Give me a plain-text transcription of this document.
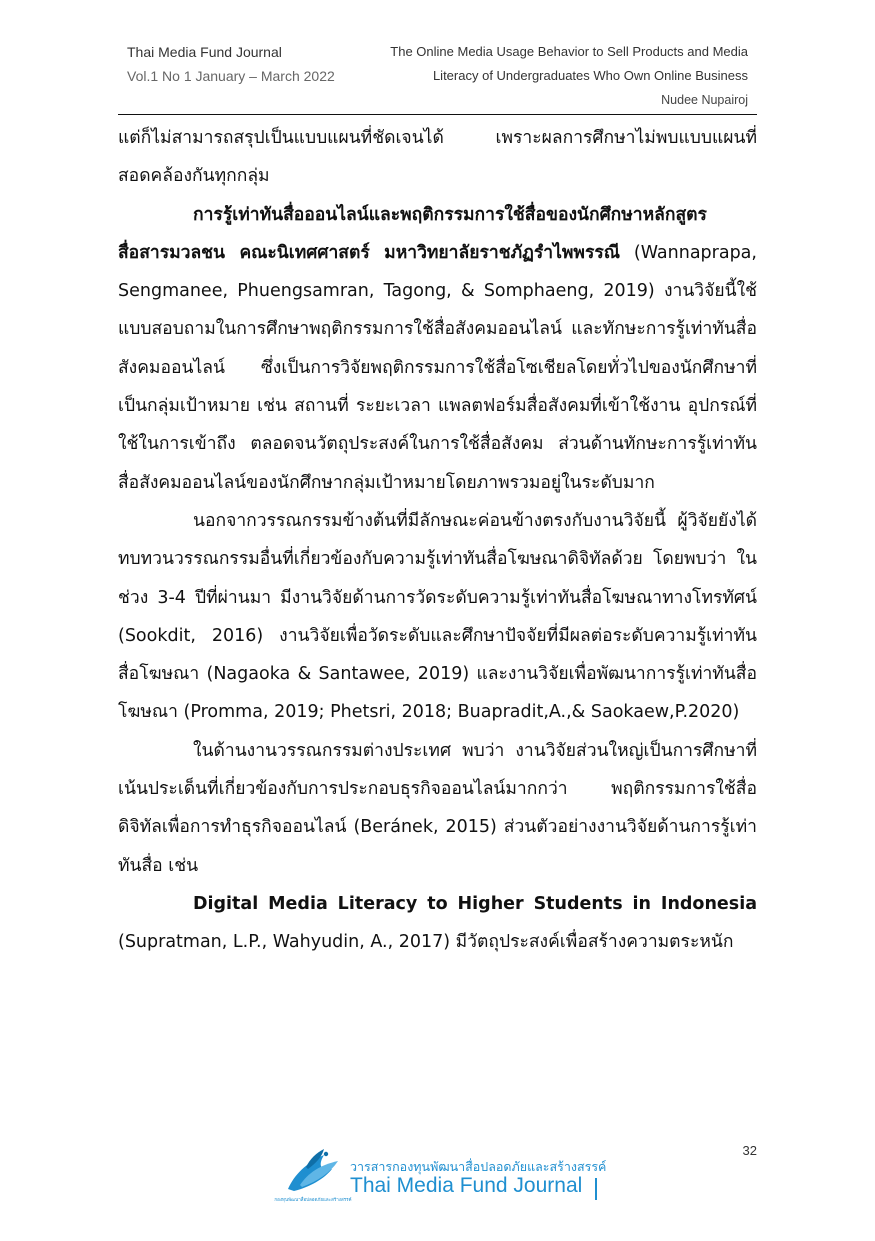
Thai Media Fund Journal
Vol.1 No 1 January – March 2022
The Online Media Usage Behavior to Sell Products and Media
Literacy of Undergraduates Who Own Online Business
Nudee Nupairoj

แต่ก็ไม่สามารถสรุปเป็นแบบแผนที่ชัดเจนได้ เพราะผลการศึกษาไม่พบแบบแผนที่สอดคล้องกันทุกกลุ่ม

การรู้เท่าทันสื่อออนไลน์และพฤติกรรมการใช้สื่อของนักศึกษาหลักสูตรสื่อสารมวลชน คณะนิเทศศาสตร์ มหาวิทยาลัยราชภัฏรำไพพรรณี (Wannaprapa, Sengmanee, Phuengsamran, Tagong, & Somphaeng, 2019) งานวิจัยนี้ใช้แบบสอบถามในการศึกษาพฤติกรรมการใช้สื่อสังคมออนไลน์ และทักษะการรู้เท่าทันสื่อสังคมออนไลน์ ซึ่งเป็นการวิจัยพฤติกรรมการใช้สื่อโซเชียลโดยทั่วไปของนักศึกษาที่เป็นกลุ่มเป้าหมาย เช่น สถานที่ ระยะเวลา แพลตฟอร์มสื่อสังคมที่เข้าใช้งาน อุปกรณ์ที่ใช้ในการเข้าถึง ตลอดจนวัตถุประสงค์ในการใช้สื่อสังคม ส่วนด้านทักษะการรู้เท่าทันสื่อสังคมออนไลน์ของนักศึกษากลุ่มเป้าหมายโดยภาพรวมอยู่ในระดับมาก

นอกจากวรรณกรรมข้างต้นที่มีลักษณะค่อนข้างตรงกับงานวิจัยนี้ ผู้วิจัยยังได้ทบทวนวรรณกรรมอื่นที่เกี่ยวข้องกับความรู้เท่าทันสื่อโฆษณาดิจิทัลด้วย โดยพบว่า ในช่วง 3-4 ปีที่ผ่านมา มีงานวิจัยด้านการวัดระดับความรู้เท่าทันสื่อโฆษณาทางโทรทัศน์ (Sookdit, 2016) งานวิจัยเพื่อวัดระดับและศึกษาปัจจัยที่มีผลต่อระดับความรู้เท่าทันสื่อโฆษณา (Nagaoka & Santawee, 2019) และงานวิจัยเพื่อพัฒนาการรู้เท่าทันสื่อโฆษณา (Promma, 2019; Phetsri, 2018; Buapradit,A.,& Saokaew,P.2020)

ในด้านงานวรรณกรรมต่างประเทศ พบว่า งานวิจัยส่วนใหญ่เป็นการศึกษาที่เน้นประเด็นที่เกี่ยวข้องกับการประกอบธุรกิจออนไลน์มากกว่า พฤติกรรมการใช้สื่อดิจิทัลเพื่อการทำธุรกิจออนไลน์ (Beránek, 2015) ส่วนตัวอย่างงานวิจัยด้านการรู้เท่าทันสื่อ เช่น

Digital Media Literacy to Higher Students in Indonesia (Supratman, L.P., Wahyudin, A., 2017) มีวัตถุประสงค์เพื่อสร้างความตระหนัก

32
กองทุนพัฒนาสื่อปลอดภัยและสร้างสรรค์
วารสารกองทุนพัฒนาสื่อปลอดภัยและสร้างสรรค์
Thai Media Fund Journal
